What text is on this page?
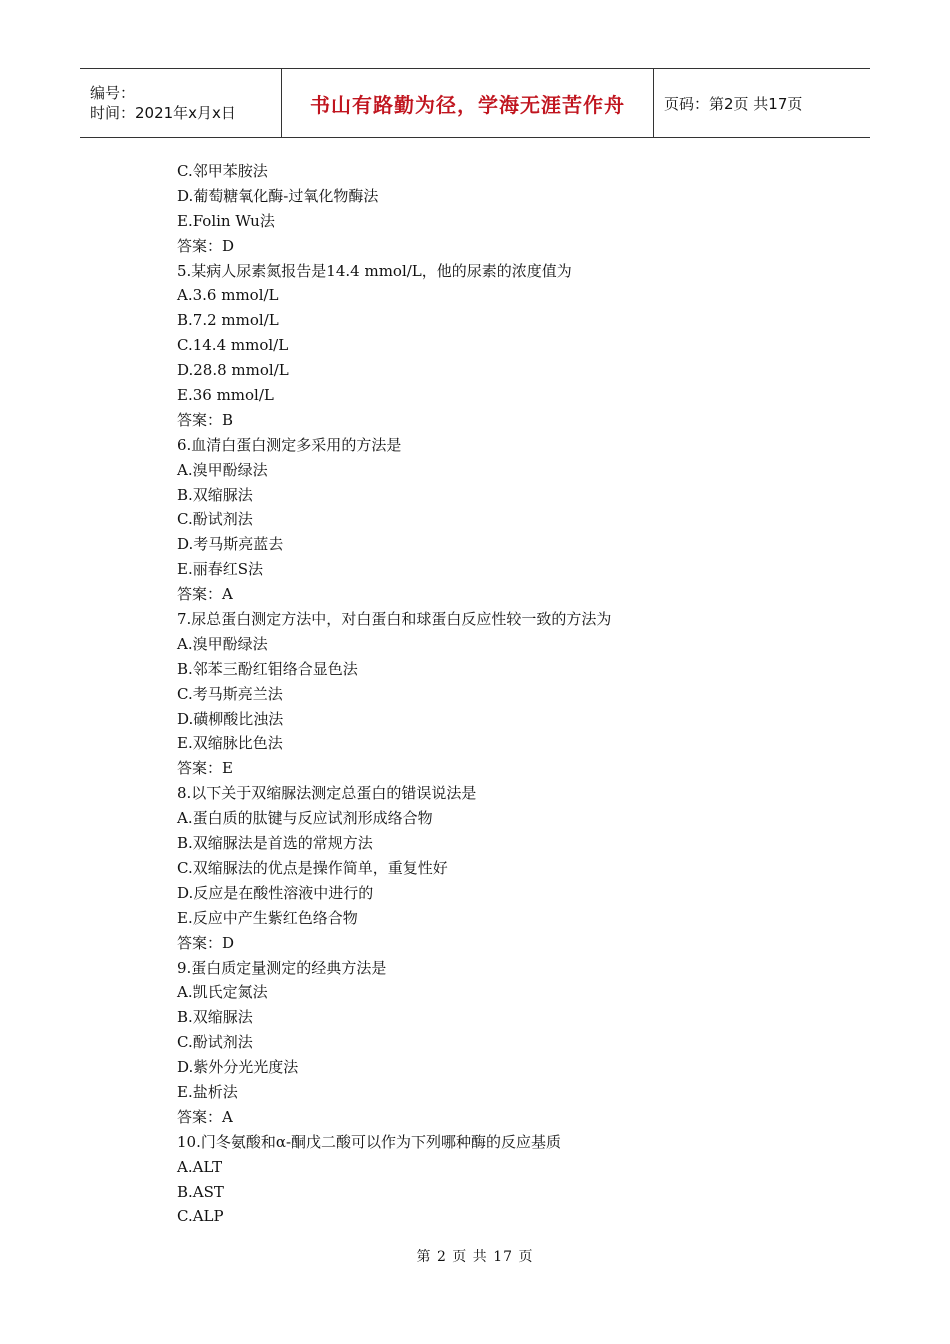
编号：
时间：2021年x月x日	书山有路勤为径，学海无涯苦作舟	页码：第2页 共17页
C.邻甲苯胺法
D.葡萄糖氧化酶-过氧化物酶法
E.Folin Wu法
答案：D
5.某病人尿素氮报告是14.4 mmol/L，他的尿素的浓度值为
A.3.6 mmol/L
B.7.2 mmol/L
C.14.4 mmol/L
D.28.8 mmol/L
E.36 mmol/L
答案：B
6.血清白蛋白测定多采用的方法是
A.溴甲酚绿法
B.双缩脲法
C.酚试剂法
D.考马斯亮蓝去
E.丽春红S法
答案：A
7.尿总蛋白测定方法中，对白蛋白和球蛋白反应性较一致的方法为
A.溴甲酚绿法
B.邻苯三酚红钼络合显色法
C.考马斯亮兰法
D.磺柳酸比浊法
E.双缩脉比色法
答案：E
8.以下关于双缩脲法测定总蛋白的错误说法是
A.蛋白质的肽键与反应试剂形成络合物
B.双缩脲法是首选的常规方法
C.双缩脲法的优点是操作简单，重复性好
D.反应是在酸性溶液中进行的
E.反应中产生紫红色络合物
答案：D
9.蛋白质定量测定的经典方法是
A.凯氏定氮法
B.双缩脲法
C.酚试剂法
D.紫外分光光度法
E.盐析法
答案：A
10.门冬氨酸和α-酮戊二酸可以作为下列哪种酶的反应基质
A.ALT
B.AST
C.ALP
第 2 页 共 17 页
